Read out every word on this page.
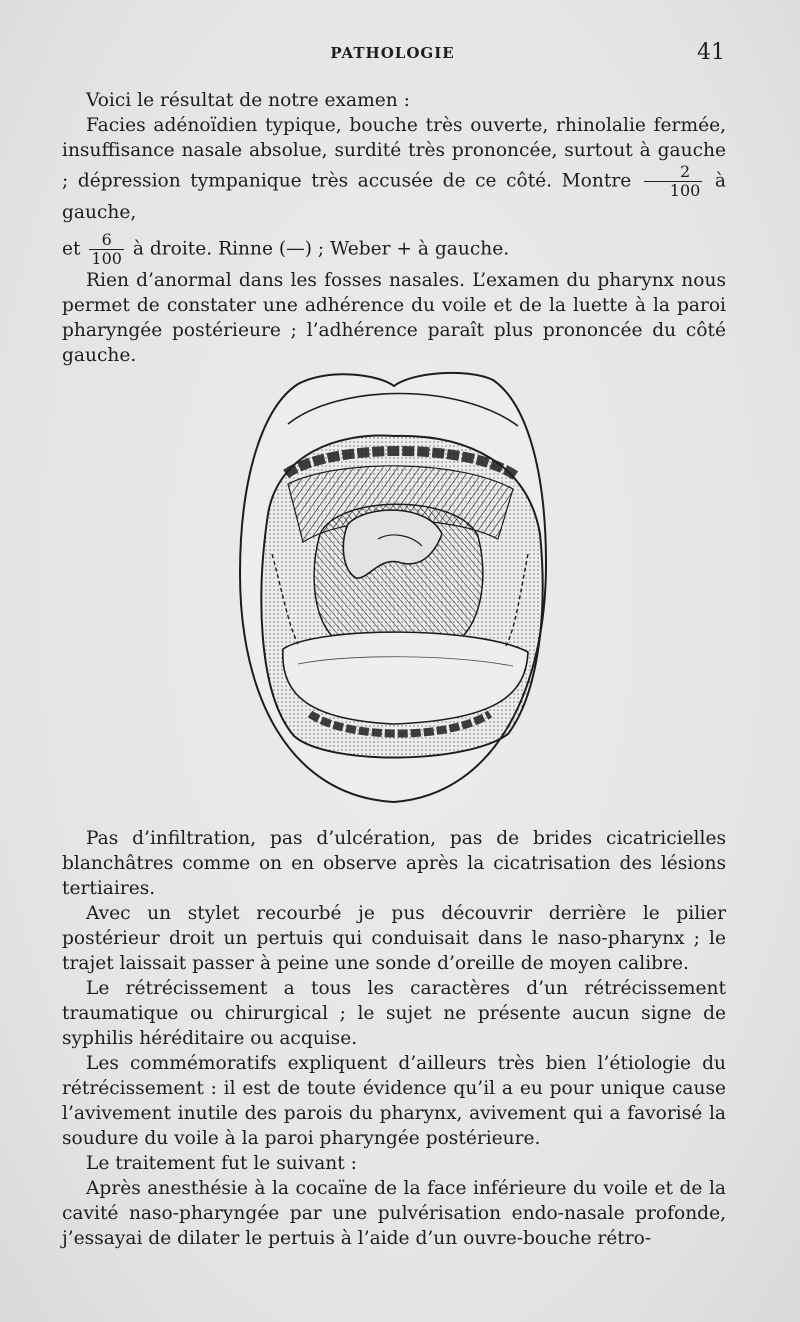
PATHOLOGIE	41

Voici le résultat de notre examen :

Facies adénoïdien typique, bouche très ouverte, rhinolalie fermée, insuffisance nasale absolue, surdité très prononcée, surtout à gauche ; dépression tympanique très accusée de ce côté. Montre $\frac{2}{100}$ à gauche,

et $\frac{6}{100}$ à droite. Rinne (—) ; Weber + à gauche.

Rien d’anormal dans les fosses nasales. L’examen du pharynx nous permet de constater une adhérence du voile et de la luette à la paroi pharyngée postérieure ; l’adhérence paraît plus prononcée du côté gauche.

Pas d’infiltration, pas d’ulcération, pas de brides cicatricielles blanchâtres comme on en observe après la cicatrisation des lésions tertiaires.

Avec un stylet recourbé je pus découvrir derrière le pilier postérieur droit un pertuis qui conduisait dans le naso-pharynx ; le trajet laissait passer à peine une sonde d’oreille de moyen calibre.

Le rétrécissement a tous les caractères d’un rétrécissement traumatique ou chirurgical ; le sujet ne présente aucun signe de syphilis héréditaire ou acquise.

Les commémoratifs expliquent d’ailleurs très bien l’étiologie du rétrécissement : il est de toute évidence qu’il a eu pour unique cause l’avivement inutile des parois du pharynx, avivement qui a favorisé la soudure du voile à la paroi pharyngée postérieure.

Le traitement fut le suivant :

Après anesthésie à la cocaïne de la face inférieure du voile et de la cavité naso-pharyngée par une pulvérisation endo-nasale profonde, j’essayai de dilater le pertuis à l’aide d’un ouvre-bouche rétro-
